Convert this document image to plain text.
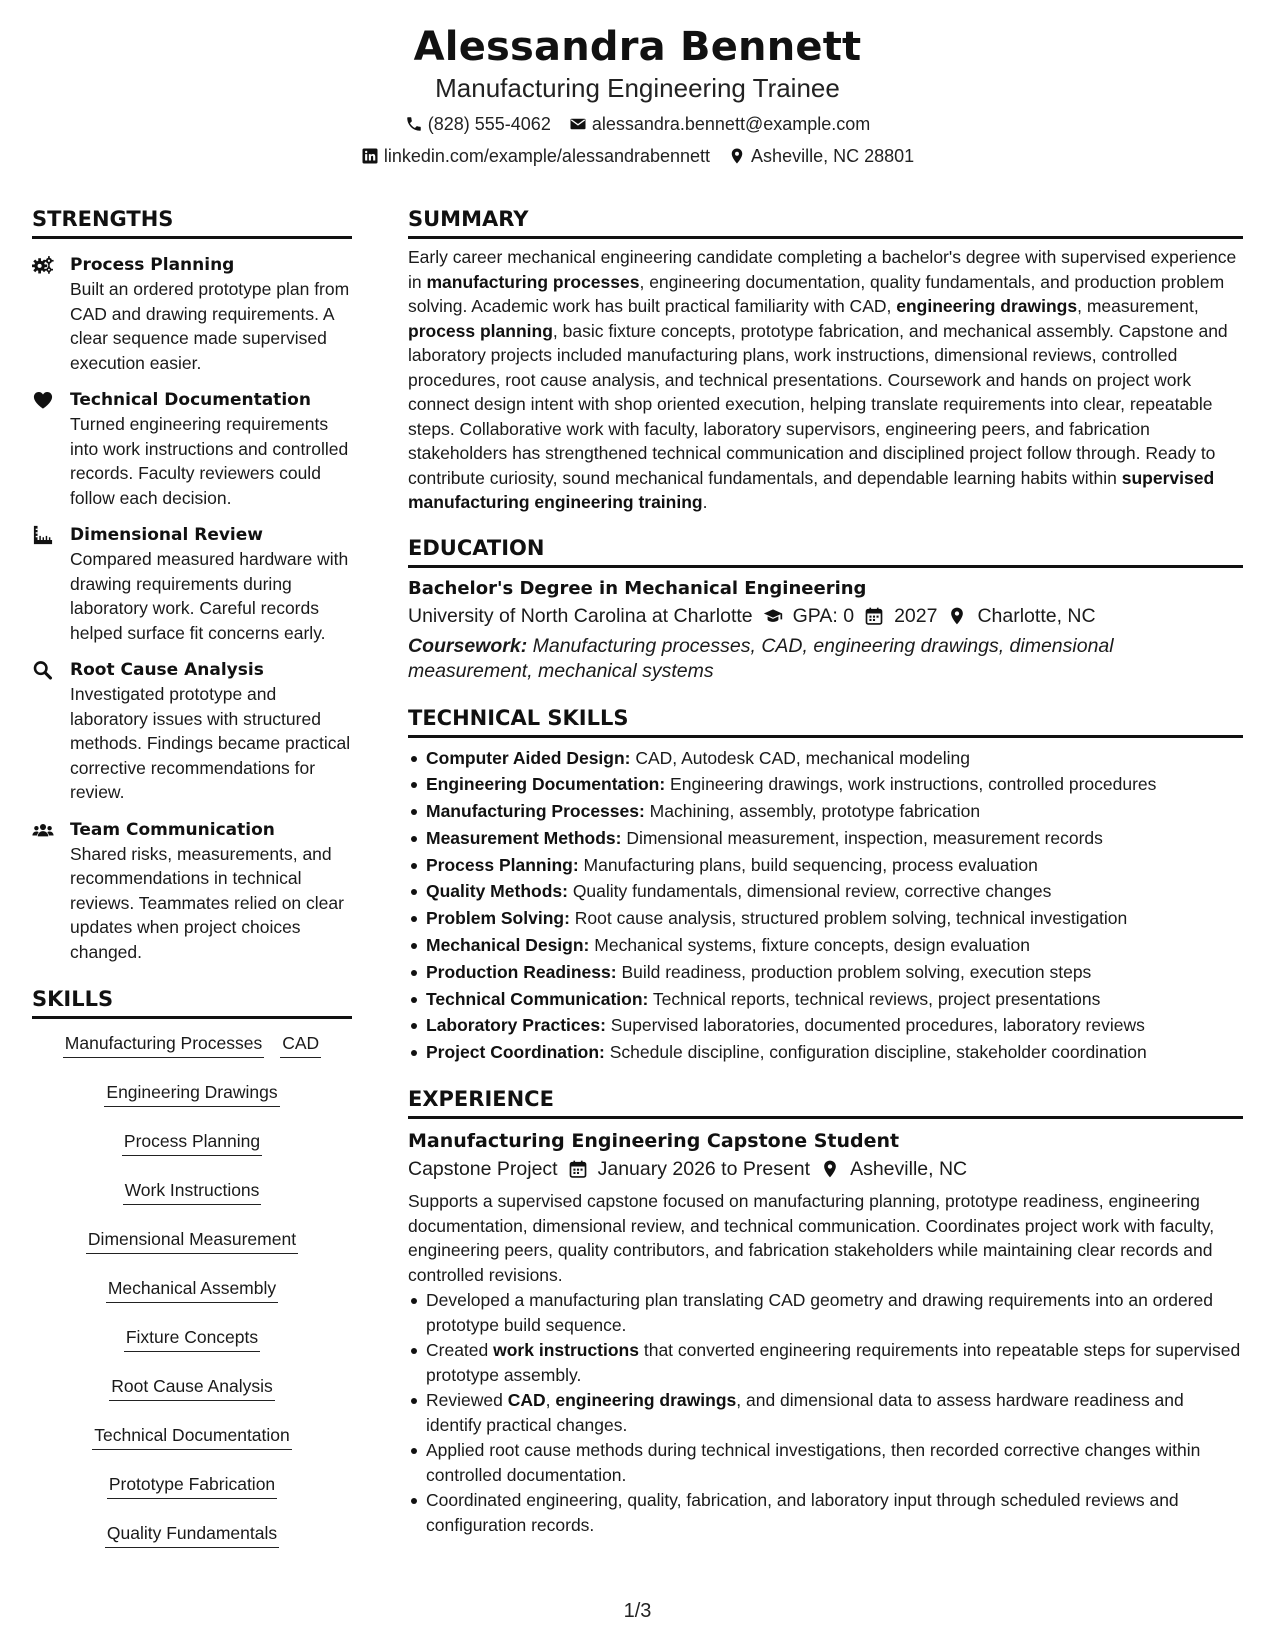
Alessandra Bennett
Manufacturing Engineering Trainee
(828) 555-4062 alessandra.bennett@example.com
linkedin.com/example/alessandrabennett Asheville, NC 28801
STRENGTHS
Process Planning
Built an ordered prototype plan from CAD and drawing requirements. A clear sequence made supervised execution easier.
Technical Documentation
Turned engineering requirements into work instructions and controlled records. Faculty reviewers could follow each decision.
Dimensional Review
Compared measured hardware with drawing requirements during laboratory work. Careful records helped surface fit concerns early.
Root Cause Analysis
Investigated prototype and laboratory issues with structured methods. Findings became practical corrective recommendations for review.
Team Communication
Shared risks, measurements, and recommendations in technical reviews. Teammates relied on clear updates when project choices changed.
SKILLS
Manufacturing Processes CAD
Engineering Drawings
Process Planning
Work Instructions
Dimensional Measurement
Mechanical Assembly
Fixture Concepts
Root Cause Analysis
Technical Documentation
Prototype Fabrication
Quality Fundamentals
SUMMARY
Early career mechanical engineering candidate completing a bachelor's degree with supervised experience in manufacturing processes, engineering documentation, quality fundamentals, and production problem solving. Academic work has built practical familiarity with CAD, engineering drawings, measurement, process planning, basic fixture concepts, prototype fabrication, and mechanical assembly. Capstone and laboratory projects included manufacturing plans, work instructions, dimensional reviews, controlled procedures, root cause analysis, and technical presentations. Coursework and hands on project work connect design intent with shop oriented execution, helping translate requirements into clear, repeatable steps. Collaborative work with faculty, laboratory supervisors, engineering peers, and fabrication stakeholders has strengthened technical communication and disciplined project follow through. Ready to contribute curiosity, sound mechanical fundamentals, and dependable learning habits within supervised manufacturing engineering training.
EDUCATION
Bachelor's Degree in Mechanical Engineering
University of North Carolina at Charlotte GPA: 0 2027 Charlotte, NC
Coursework: Manufacturing processes, CAD, engineering drawings, dimensional measurement, mechanical systems
TECHNICAL SKILLS
Computer Aided Design: CAD, Autodesk CAD, mechanical modeling
Engineering Documentation: Engineering drawings, work instructions, controlled procedures
Manufacturing Processes: Machining, assembly, prototype fabrication
Measurement Methods: Dimensional measurement, inspection, measurement records
Process Planning: Manufacturing plans, build sequencing, process evaluation
Quality Methods: Quality fundamentals, dimensional review, corrective changes
Problem Solving: Root cause analysis, structured problem solving, technical investigation
Mechanical Design: Mechanical systems, fixture concepts, design evaluation
Production Readiness: Build readiness, production problem solving, execution steps
Technical Communication: Technical reports, technical reviews, project presentations
Laboratory Practices: Supervised laboratories, documented procedures, laboratory reviews
Project Coordination: Schedule discipline, configuration discipline, stakeholder coordination
EXPERIENCE
Manufacturing Engineering Capstone Student
Capstone Project January 2026 to Present Asheville, NC
Supports a supervised capstone focused on manufacturing planning, prototype readiness, engineering documentation, dimensional review, and technical communication. Coordinates project work with faculty, engineering peers, quality contributors, and fabrication stakeholders while maintaining clear records and controlled revisions.
Developed a manufacturing plan translating CAD geometry and drawing requirements into an ordered prototype build sequence.
Created work instructions that converted engineering requirements into repeatable steps for supervised prototype assembly.
Reviewed CAD, engineering drawings, and dimensional data to assess hardware readiness and identify practical changes.
Applied root cause methods during technical investigations, then recorded corrective changes within controlled documentation.
Coordinated engineering, quality, fabrication, and laboratory input through scheduled reviews and configuration records.
1/3
